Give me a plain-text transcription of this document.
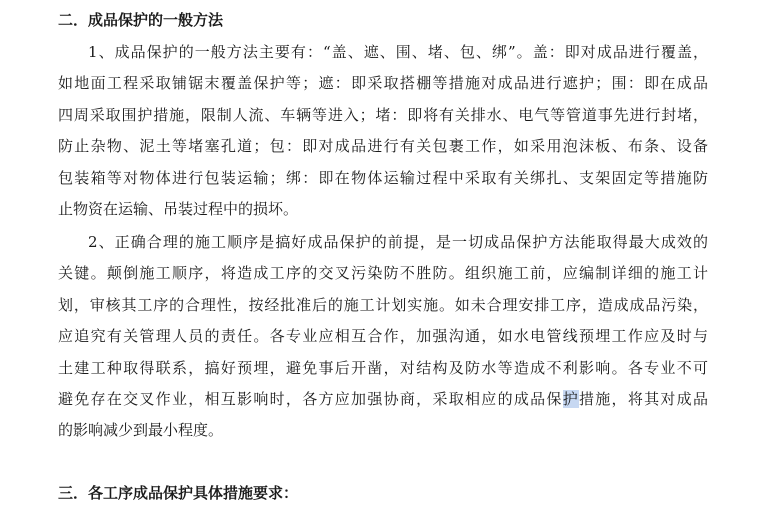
二．成品保护的一般方法
1、成品保护的一般方法主要有：“盖、遮、围、堵、包、绑”。盖：即对成品进行覆盖，
如地面工程采取铺锯末覆盖保护等；遮：即采取搭棚等措施对成品进行遮护；围：即在成品
四周采取围护措施，限制人流、车辆等进入；堵：即将有关排水、电气等管道事先进行封堵，
防止杂物、泥土等堵塞孔道；包：即对成品进行有关包裹工作，如采用泡沫板、布条、设备
包装箱等对物体进行包装运输；绑：即在物体运输过程中采取有关绑扎、支架固定等措施防
止物资在运输、吊装过程中的损坏。
2、正确合理的施工顺序是搞好成品保护的前提，是一切成品保护方法能取得最大成效的
关键。颠倒施工顺序，将造成工序的交叉污染防不胜防。组织施工前，应编制详细的施工计
划，审核其工序的合理性，按经批准后的施工计划实施。如未合理安排工序，造成成品污染，
应追究有关管理人员的责任。各专业应相互合作，加强沟通，如水电管线预埋工作应及时与
土建工种取得联系，搞好预埋，避免事后开凿，对结构及防水等造成不利影响。各专业不可
避免存在交叉作业，相互影响时，各方应加强协商，采取相应的成品保护措施，将其对成品
的影响减少到最小程度。
三．各工序成品保护具体措施要求：
